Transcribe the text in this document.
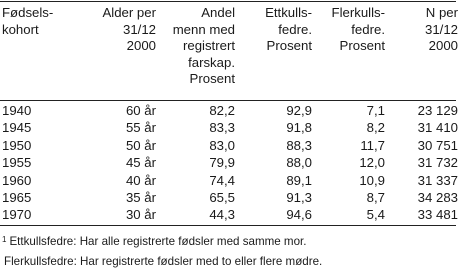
Fødsels-
kohort

Alder per
31/12
2000

Andel
menn med
registrert
farskap.
Prosent

Ettkulls-
fedre.
Prosent

Flerkulls-
fedre.
Prosent

N per
31/12
2000
1940	60 år	82,2	92,9	7,1	23 129
1945	55 år	83,3	91,8	8,2	31 410
1950	50 år	83,0	88,3	11,7	30 751
1955	45 år	79,9	88,0	12,0	31 732
1960	40 år	74,4	89,1	10,9	31 337
1965	35 år	65,5	91,3	8,7	34 283
1970	30 år	44,3	94,6	5,4	33 481
$^1$ Ettkullsfedre: Har alle registrerte fødsler med samme mor.
Flerkullsfedre: Har registrerte fødsler med to eller flere mødre.
